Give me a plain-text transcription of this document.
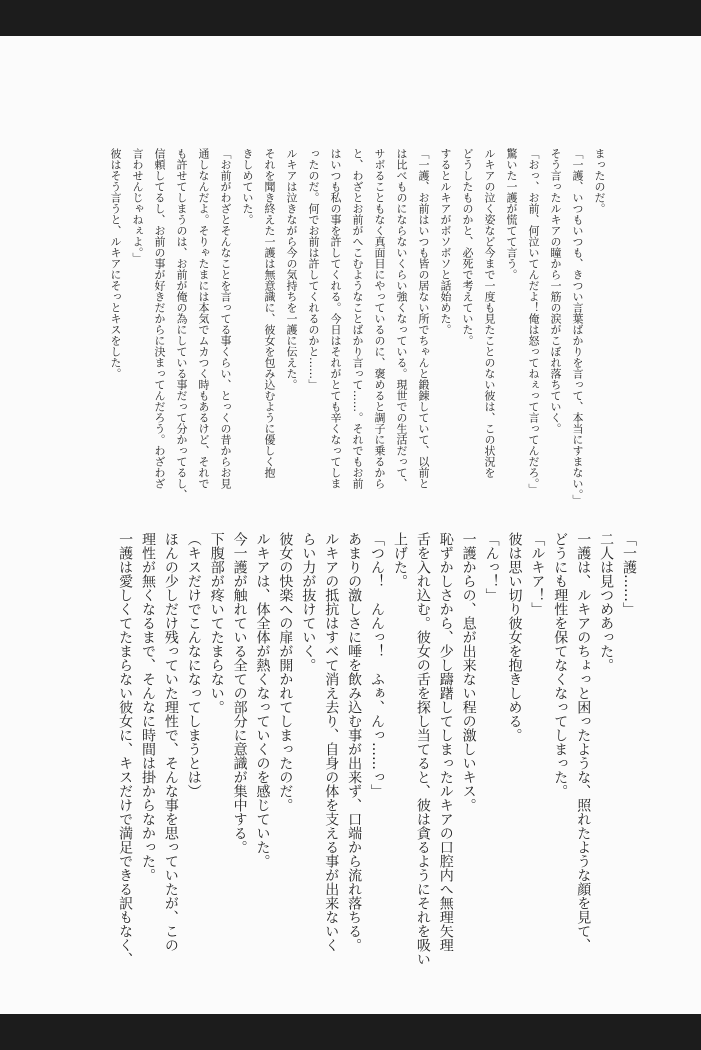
まったのだ。
「一護、いつもいつも、きつい言葉ばかりを言って、本当にすまない。」
そう言ったルキアの瞳から一筋の涙がこぼれ落ちていく。
「おっ、お前、何泣いてんだよ！俺は怒ってねぇって言ってんだろ。」
驚いた一護が慌てて言う。
ルキアの泣く姿など今まで一度も見たことのない彼は、この状況を
どうしたものかと、必死で考えていた。
するとルキアがボソボソと話始めた。
「一護、お前はいつも皆の居ない所でちゃんと鍛錬していて、以前と
は比べものにならないくらい強くなっている。現世での生活だって、
サボることもなく真面目にやっているのに、褒めると調子に乗るから
と、わざとお前がへこむようなことばかり言って……。それでもお前
はいつも私の事を許してくれる。今日はそれがとても辛くなってしま
ったのだ。何でお前は許してくれるのかと……」
ルキアは泣きながら今の気持ちを一護に伝えた。
それを聞き終えた一護は無意識に、彼女を包み込むように優しく抱
きしめていた。
「お前がわざとそんなことを言ってる事くらい、とっくの昔からお見
通しなんだよ。そりゃたまには本気でムカつく時もあるけど、それで
も許せてしまうのは、お前が俺の為にしている事だって分かってるし、
信頼してるし、お前の事が好きだからに決まってんだろう。わざわざ
言わせんじゃねぇよ。」
彼はそう言うと、ルキアにそっとキスをした。
「一護……」
二人は見つめあった。
一護は、ルキアのちょっと困ったような、照れたような顔を見て、
どうにも理性を保てなくなってしまった。
「ルキア！」
彼は思い切り彼女を抱きしめる。
「んっ！」
一護からの、息が出来ない程の激しいキス。
恥ずかしさから、少し躊躇してしまったルキアの口腔内へ無理矢理
舌を入れ込む。彼女の舌を探し当てると、彼は貪るようにそれを吸い
上げた。
「つん！　んんっ！　ふぁ、んっ……っ」
あまりの激しさに唾を飲み込む事が出来ず、口端から流れ落ちる。
ルキアの抵抗はすべて消え去り、自身の体を支える事が出来ないく
らい力が抜けていく。
彼女の快楽への扉が開かれてしまったのだ。
ルキアは、体全体が熱くなっていくのを感じていた。
今一護が触れている全ての部分に意識が集中する。
下腹部が疼いてたまらない。
（キスだけでこんなになってしまうとは）
ほんの少しだけ残っていた理性で、そんな事を思っていたが、この
理性が無くなるまで、そんなに時間は掛からなかった。
一護は愛しくてたまらない彼女に、キスだけで満足できる訳もなく、
